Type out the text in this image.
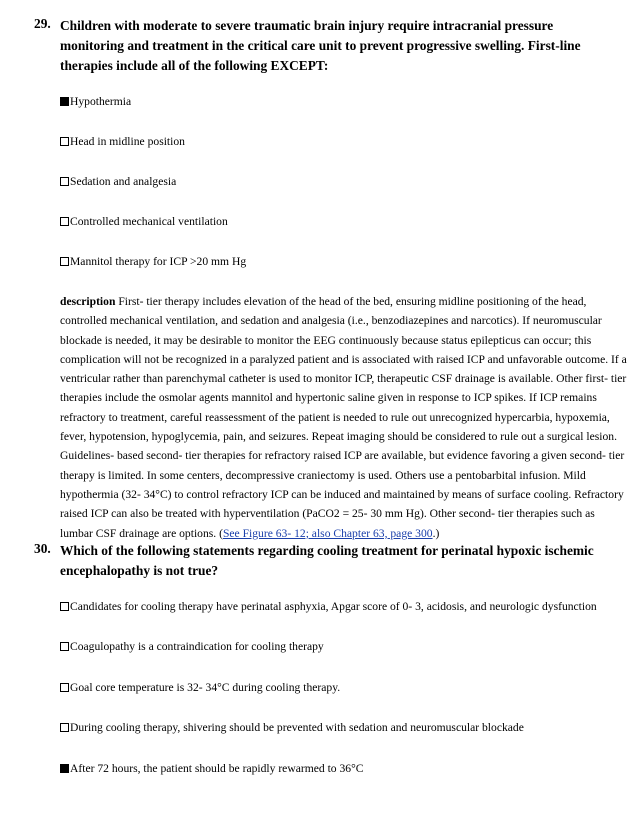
29. Children with moderate to severe traumatic brain injury require intracranial pressure monitoring and treatment in the critical care unit to prevent progressive swelling. First-line therapies include all of the following EXCEPT:
Hypothermia
Head in midline position
Sedation and analgesia
Controlled mechanical ventilation
Mannitol therapy for ICP >20 mm Hg
description First- tier therapy includes elevation of the head of the bed, ensuring midline positioning of the head, controlled mechanical ventilation, and sedation and analgesia (i.e., benzodiazepines and narcotics). If neuromuscular blockade is needed, it may be desirable to monitor the EEG continuously because status epilepticus can occur; this complication will not be recognized in a paralyzed patient and is associated with raised ICP and unfavorable outcome. If a ventricular rather than parenchymal catheter is used to monitor ICP, therapeutic CSF drainage is available. Other first- tier therapies include the osmolar agents mannitol and hypertonic saline given in response to ICP spikes. If ICP remains refractory to treatment, careful reassessment of the patient is needed to rule out unrecognized hypercarbia, hypoxemia, fever, hypotension, hypoglycemia, pain, and seizures. Repeat imaging should be considered to rule out a surgical lesion. Guidelines- based second- tier therapies for refractory raised ICP are available, but evidence favoring a given second- tier therapy is limited. In some centers, decompressive craniectomy is used. Others use a pentobarbital infusion. Mild hypothermia (32- 34°C) to control refractory ICP can be induced and maintained by means of surface cooling. Refractory raised ICP can also be treated with hyperventilation (PaCO2 = 25- 30 mm Hg). Other second- tier therapies such as lumbar CSF drainage are options. (See Figure 63- 12; also Chapter 63, page 300.)
30. Which of the following statements regarding cooling treatment for perinatal hypoxic ischemic encephalopathy is not true?
Candidates for cooling therapy have perinatal asphyxia, Apgar score of 0- 3, acidosis, and neurologic dysfunction
Coagulopathy is a contraindication for cooling therapy
Goal core temperature is 32- 34°C during cooling therapy.
During cooling therapy, shivering should be prevented with sedation and neuromuscular blockade
After 72 hours, the patient should be rapidly rewarmed to 36°C
